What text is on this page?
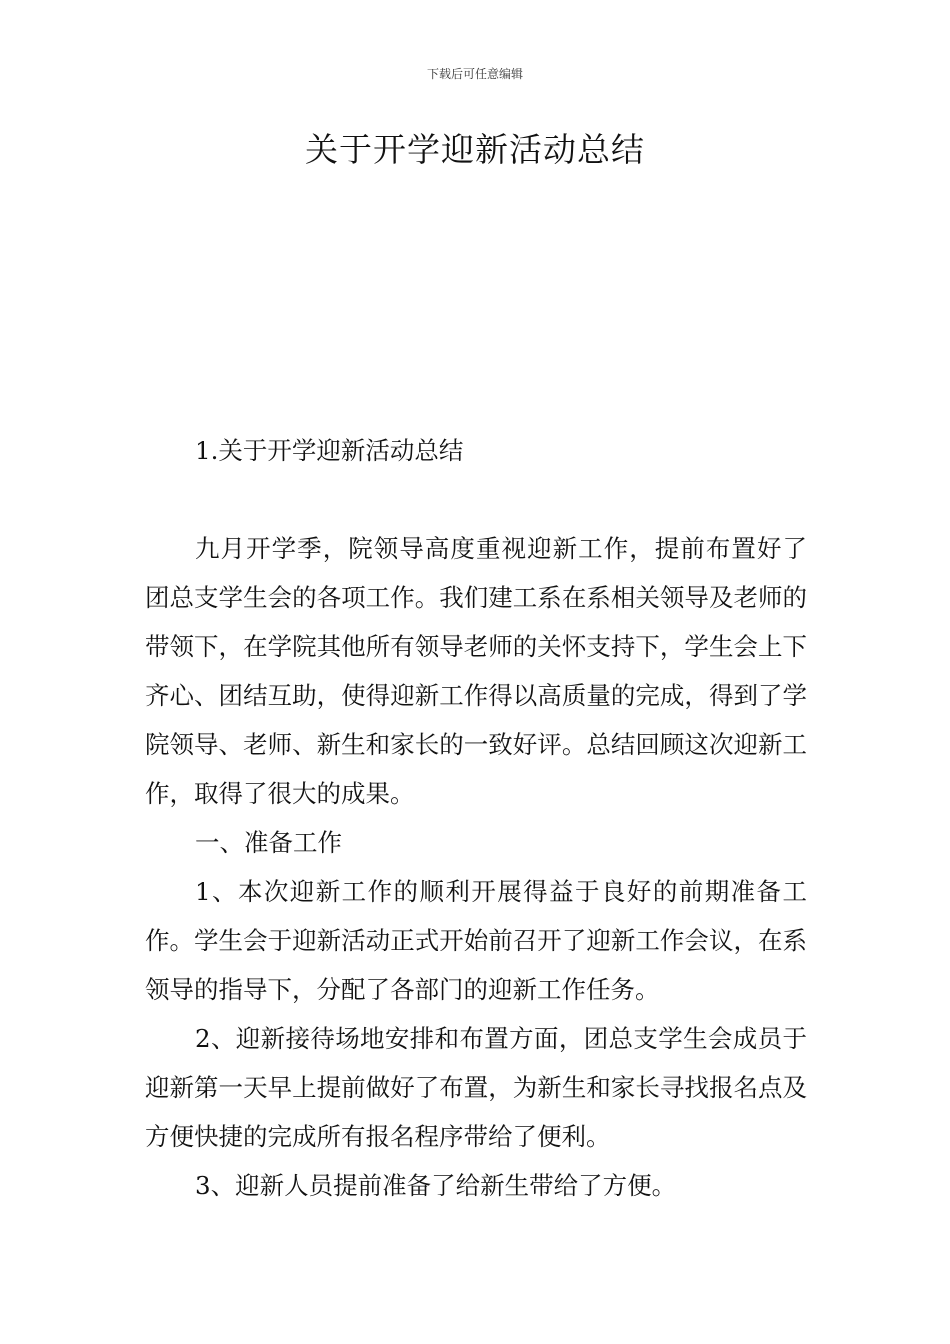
下载后可任意编辑
关于开学迎新活动总结
1.关于开学迎新活动总结

九月开学季，院领导高度重视迎新工作，提前布置好了团总支学生会的各项工作。我们建工系在系相关领导及老师的带领下，在学院其他所有领导老师的关怀支持下，学生会上下齐心、团结互助，使得迎新工作得以高质量的完成，得到了学院领导、老师、新生和家长的一致好评。总结回顾这次迎新工作，取得了很大的成果。

一、准备工作

1、本次迎新工作的顺利开展得益于良好的前期准备工作。学生会于迎新活动正式开始前召开了迎新工作会议，在系领导的指导下，分配了各部门的迎新工作任务。

2、迎新接待场地安排和布置方面，团总支学生会成员于迎新第一天早上提前做好了布置，为新生和家长寻找报名点及方便快捷的完成所有报名程序带给了便利。

3、迎新人员提前准备了给新生带给了方便。
